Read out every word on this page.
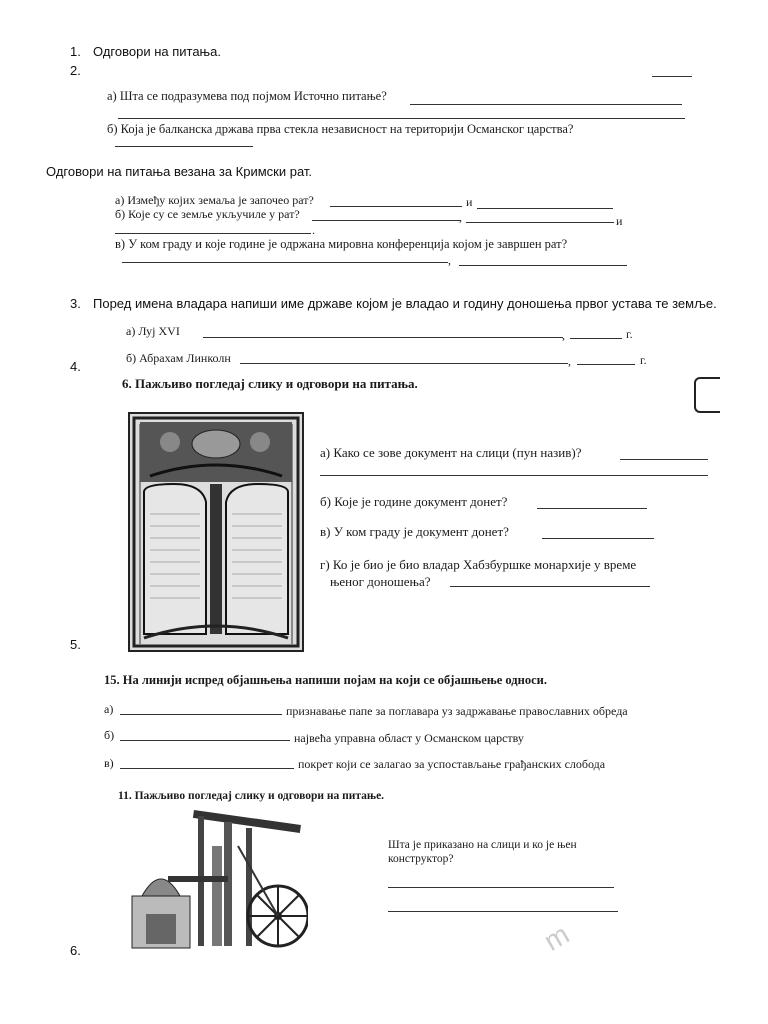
1. Одговори на питања.
2.
а) Шта се подразумева под појмом Источно питање?
б) Која је балканска држава прва стекла независност на територији Османског царства?
Одговори на питања везана за Кримски рат.
а) Између којих земаља је започео рат?	и
б) Које су се земље укључиле у рат?	,	и
.
в) У ком граду и које године је одржана мировна конференција којом је завршен рат?
,
3. Поред имена владара напиши име државе којом је владао и годину доношења првог устава те земље.
а) Луј XVI	,	г.
б) Абрахам Линколн	,	г.
4.
6. Пажљиво погледај слику и одговори на питања.
а) Како се зове документ на слици (пун назив)?
б) Које је године документ донет?
в) У ком граду је документ донет?
г) Ко је био је био владар Хабзбуршке монархије у време
њеног доношења?
5.
15. На линији испред објашњења напиши појам на који се објашњење односи.
а)	признавање папе за поглавара уз задржавање православних обреда
б)	највећа управна област у Османском царству
в)	покрет који се залагао за успостављање грађанских слобода
11. Пажљиво погледај слику и одговори на питање.
Шта је приказано на слици и ко је њен
конструктор?
m
6.
